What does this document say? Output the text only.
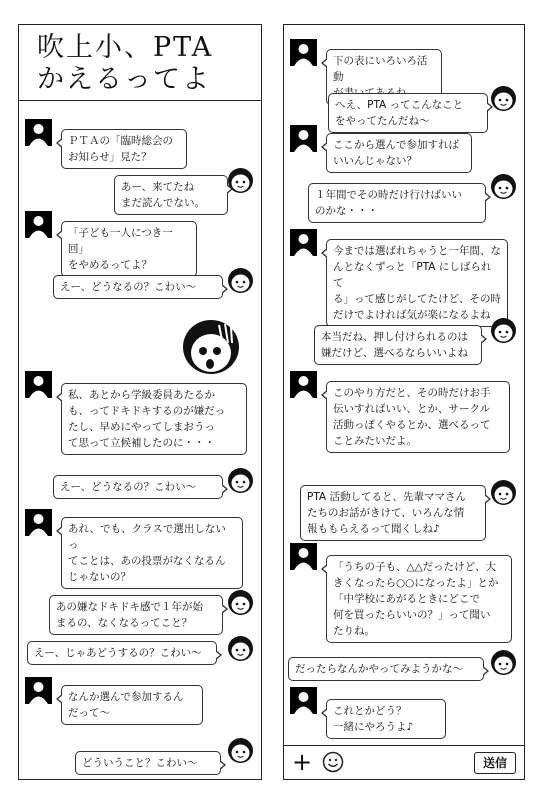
吹上小、PTA
かえるってよ
ＰＴＡの「臨時総会の
お知らせ」見た？
あー、来てたね
まだ読んでない。
「子ども一人につき一回」
をやめるってよ？
えー、どうなるの？こわい〜
私、あとから学級委員あたるか
も、ってドキドキするのが嫌だっ
たし、早めにやってしまおうっ
て思って立候補したのに・・・
えー、どうなるの？こわい〜
あれ、でも、クラスで選出しないっ
てことは、あの投票がなくなるん
じゃないの？
あの嫌なドキドキ感で１年が始
まるの、なくなるってこと？
えー、じゃあどうするの？こわい〜
なんか選んで参加するん
だって〜
どういうこと？こわい〜
下の表にいろいろ活動

へえ、PTA ってこんなこと
をやってたんだね〜
ここから選んで参加すれば
いいんじゃない？
１年間でその時だけ行けばいい
のかな・・・
今までは選ばれちゃうと一年間、な
んとなくずっと「PTA にしばられて
る」って感じがしてたけど、その時
だけでよければ気が楽になるよね
本当だね、押し付けられるのは
嫌だけど、選べるならいいよね
このやり方だと、その時だけお手
伝いすればいい、とか、サークル
活動っぽくやるとか、選べるって
ことみたいだよ。
PTA 活動してると、先輩ママさん
たちのお話がきけて、いろんな情
報ももらえるって聞くしね♪
「うちの子も、△△だったけど、大
きくなったら○○になったよ」とか
「中学校にあがるときにどこで
何を買ったらいいの？」って聞い
たりね。
だったらなんかやってみようかな〜
これとかどう？
一緒にやろうよ♪
+	送信
